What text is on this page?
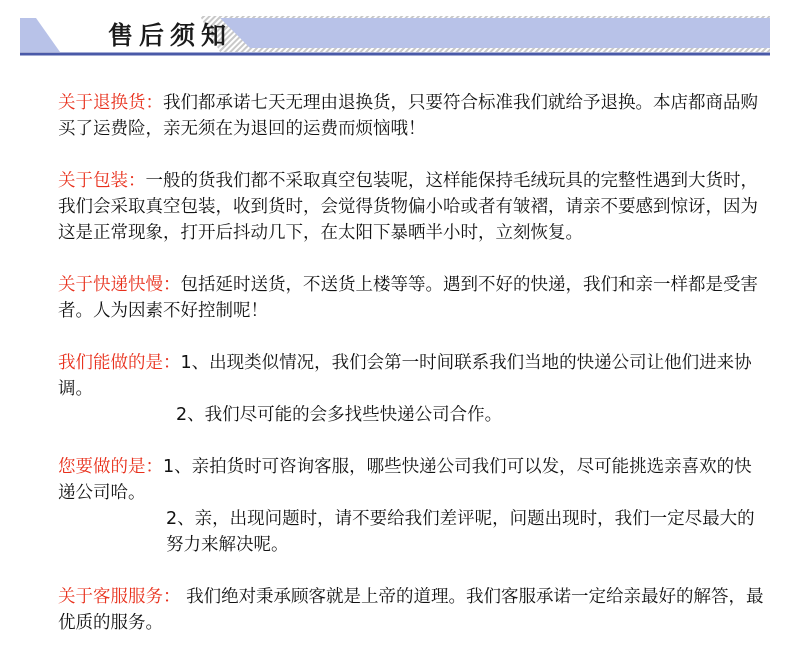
售后须知

关于退换货：我们都承诺七天无理由退换货，只要符合标准我们就给予退换。本店都商品购买了运费险，亲无须在为退回的运费而烦恼哦！

关于包装：一般的货我们都不采取真空包装呢，这样能保持毛绒玩具的完整性遇到大货时，我们会采取真空包装，收到货时，会觉得货物偏小哈或者有皱褶，请亲不要感到惊讶，因为这是正常现象，打开后抖动几下，在太阳下暴晒半小时，立刻恢复。

关于快递快慢：包括延时送货，不送货上楼等等。遇到不好的快递，我们和亲一样都是受害者。人为因素不好控制呢！

我们能做的是：1、出现类似情况，我们会第一时间联系我们当地的快递公司让他们进来协调。

2、我们尽可能的会多找些快递公司合作。

您要做的是：1、亲拍货时可咨询客服，哪些快递公司我们可以发，尽可能挑选亲喜欢的快递公司哈。

2、亲，出现问题时，请不要给我们差评呢，问题出现时，我们一定尽最大的努力来解决呢。

关于客服服务： 我们绝对秉承顾客就是上帝的道理。我们客服承诺一定给亲最好的解答，最优质的服务。
